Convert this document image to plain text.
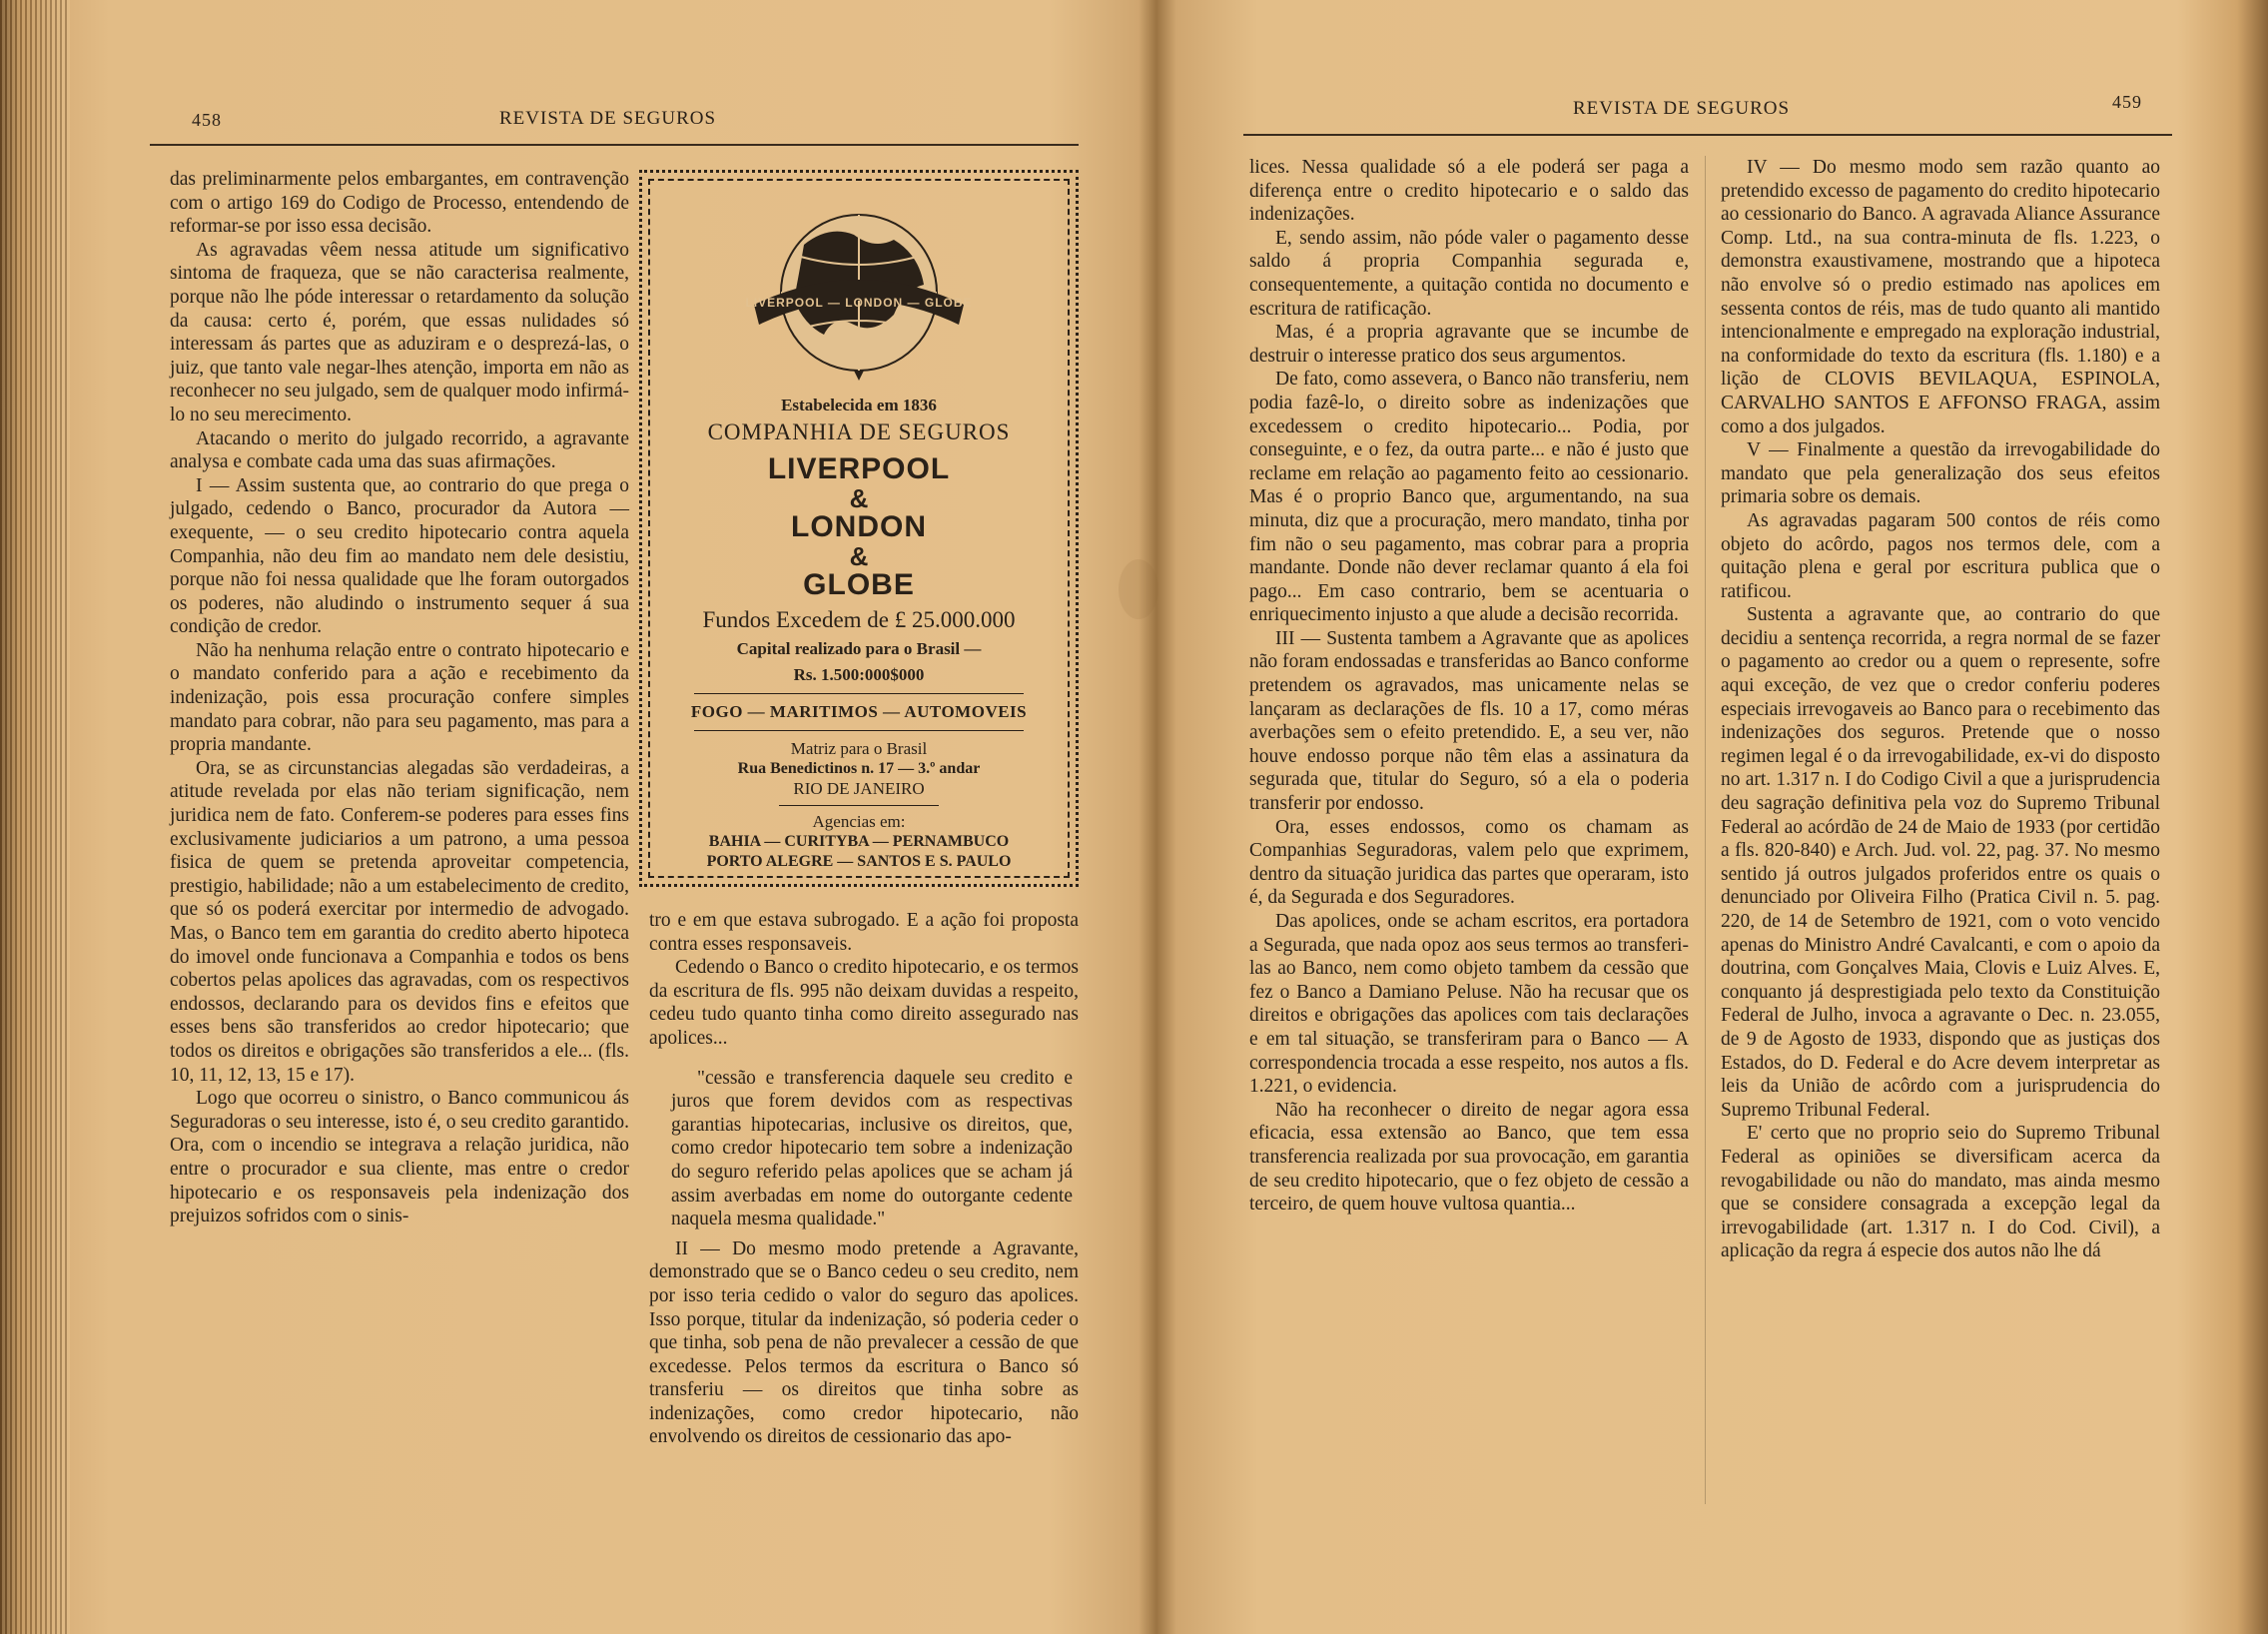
458	REVISTA DE SEGUROS

das preliminarmente pelos embargantes, em contravenção com o artigo 169 do Codigo de Processo, entendendo de reformar-se por isso essa decisão.

As agravadas vêem nessa atitude um significativo sintoma de fraqueza, que se não caracterisa realmente, porque não lhe póde interessar o retardamento da solução da causa: certo é, porém, que essas nulidades só interessam ás partes que as aduziram e o desprezá-las, o juiz, que tanto vale negar-lhes atenção, importa em não as reconhecer no seu julgado, sem de qualquer modo infirmá-lo no seu merecimento.

Atacando o merito do julgado recorrido, a agravante analysa e combate cada uma das suas afirmações.

I — Assim sustenta que, ao contrario do que prega o julgado, cedendo o Banco, procurador da Autora — exequente, — o seu credito hipotecario contra aquela Companhia, não deu fim ao mandato nem dele desistiu, porque não foi nessa qualidade que lhe foram outorgados os poderes, não aludindo o instrumento sequer á sua condição de credor.

Não ha nenhuma relação entre o contrato hipotecario e o mandato conferido para a ação e recebimento da indenização, pois essa procuração confere simples mandato para cobrar, não para seu pagamento, mas para a propria mandante.

Ora, se as circunstancias alegadas são verdadeiras, a atitude revelada por elas não teriam significação, nem juridica nem de fato. Conferem-se poderes para esses fins exclusivamente judiciarios a um patrono, a uma pessoa fisica de quem se pretenda aproveitar competencia, prestigio, habilidade; não a um estabelecimento de credito, que só os poderá exercitar por intermedio de advogado. Mas, o Banco tem em garantia do credito aberto hipoteca do imovel onde funcionava a Companhia e todos os bens cobertos pelas apolices das agravadas, com os respectivos endossos, declarando para os devidos fins e efeitos que esses bens são transferidos ao credor hipotecario; que todos os direitos e obrigações são transferidos a ele... (fls. 10, 11, 12, 13, 15 e 17).

Logo que ocorreu o sinistro, o Banco communicou ás Seguradoras o seu interesse, isto é, o seu credito garantido. Ora, com o incendio se integrava a relação juridica, não entre o procurador e sua cliente, mas entre o credor hipotecario e os responsaveis pela indenização dos prejuizos sofridos com o sinis-

LIVERPOOL — LONDON — GLOBE
Estabelecida em 1836
COMPANHIA DE SEGUROS
LIVERPOOL
&
LONDON
&
GLOBE
Fundos Excedem de £ 25.000.000
Capital realizado para o Brasil —
Rs. 1.500:000$000
FOGO — MARITIMOS — AUTOMOVEIS
Matriz para o Brasil
Rua Benedictinos n. 17 — 3.º andar
RIO DE JANEIRO
Agencias em:
BAHIA — CURITYBA — PERNAMBUCO
PORTO ALEGRE — SANTOS E S. PAULO

tro e em que estava subrogado. E a ação foi proposta contra esses responsaveis.

Cedendo o Banco o credito hipotecario, e os termos da escritura de fls. 995 não deixam duvidas a respeito, cedeu tudo quanto tinha como direito assegurado nas apolices...

"cessão e transferencia daquele seu credito e juros que forem devidos com as respectivas garantias hipotecarias, inclusive os direitos, que, como credor hipotecario tem sobre a indenização do seguro referido pelas apolices que se acham já assim averbadas em nome do outorgante cedente naquela mesma qualidade."

II — Do mesmo modo pretende a Agravante, demonstrado que se o Banco cedeu o seu credito, nem por isso teria cedido o valor do seguro das apolices. Isso porque, titular da indenização, só poderia ceder o que tinha, sob pena de não prevalecer a cessão de que excedesse. Pelos termos da escritura o Banco só transferiu — os direitos que tinha sobre as indenizações, como credor hipotecario, não envolvendo os direitos de cessionario das apo-

REVISTA DE SEGUROS	459

lices. Nessa qualidade só a ele poderá ser paga a diferença entre o credito hipotecario e o saldo das indenizações.

E, sendo assim, não póde valer o pagamento desse saldo á propria Companhia segurada e, consequentemente, a quitação contida no documento e escritura de ratificação.

Mas, é a propria agravante que se incumbe de destruir o interesse pratico dos seus argumentos.

De fato, como assevera, o Banco não transferiu, nem podia fazê-lo, o direito sobre as indenizações que excedessem o credito hipotecario... Podia, por conseguinte, e o fez, da outra parte... e não é justo que reclame em relação ao pagamento feito ao cessionario. Mas é o proprio Banco que, argumentando, na sua minuta, diz que a procuração, mero mandato, tinha por fim não o seu pagamento, mas cobrar para a propria mandante. Donde não dever reclamar quanto á ela foi pago... Em caso contrario, bem se acentuaria o enriquecimento injusto a que alude a decisão recorrida.

III — Sustenta tambem a Agravante que as apolices não foram endossadas e transferidas ao Banco conforme pretendem os agravados, mas unicamente nelas se lançaram as declarações de fls. 10 a 17, como méras averbações sem o efeito pretendido. E, a seu ver, não houve endosso porque não têm elas a assinatura da segurada que, titular do Seguro, só a ela o poderia transferir por endosso.

Ora, esses endossos, como os chamam as Companhias Seguradoras, valem pelo que exprimem, dentro da situação juridica das partes que operaram, isto é, da Segurada e dos Seguradores.

Das apolices, onde se acham escritos, era portadora a Segurada, que nada opoz aos seus termos ao transferi-las ao Banco, nem como objeto tambem da cessão que fez o Banco a Damiano Peluse. Não ha recusar que os direitos e obrigações das apolices com tais declarações e em tal situação, se transferiram para o Banco — A correspondencia trocada a esse respeito, nos autos a fls. 1.221, o evidencia.

Não ha reconhecer o direito de negar agora essa eficacia, essa extensão ao Banco, que tem essa transferencia realizada por sua provocação, em garantia de seu credito hipotecario, que o fez objeto de cessão a terceiro, de quem houve vultosa quantia...

IV — Do mesmo modo sem razão quanto ao pretendido excesso de pagamento do credito hipotecario ao cessionario do Banco. A agravada Aliance Assurance Comp. Ltd., na sua contra-minuta de fls. 1.223, o demonstra exaustivamene, mostrando que a hipoteca não envolve só o predio estimado nas apolices em sessenta contos de réis, mas de tudo quanto ali mantido intencionalmente e empregado na exploração industrial, na conformidade do texto da escritura (fls. 1.180) e a lição de CLOVIS BEVILAQUA, ESPINOLA, CARVALHO SANTOS E AFFONSO FRAGA, assim como a dos julgados.

V — Finalmente a questão da irrevogabilidade do mandato que pela generalização dos seus efeitos primaria sobre os demais.

As agravadas pagaram 500 contos de réis como objeto do acôrdo, pagos nos termos dele, com a quitação plena e geral por escritura publica que o ratificou.

Sustenta a agravante que, ao contrario do que decidiu a sentença recorrida, a regra normal de se fazer o pagamento ao credor ou a quem o represente, sofre aqui exceção, de vez que o credor conferiu poderes especiais irrevogaveis ao Banco para o recebimento das indenizações dos seguros. Pretende que o nosso regimen legal é o da irrevogabilidade, ex-vi do disposto no art. 1.317 n. I do Codigo Civil a que a jurisprudencia deu sagração definitiva pela voz do Supremo Tribunal Federal ao acórdão de 24 de Maio de 1933 (por certidão a fls. 820-840) e Arch. Jud. vol. 22, pag. 37. No mesmo sentido já outros julgados proferidos entre os quais o denunciado por Oliveira Filho (Pratica Civil n. 5. pag. 220, de 14 de Setembro de 1921, com o voto vencido apenas do Ministro André Cavalcanti, e com o apoio da doutrina, com Gonçalves Maia, Clovis e Luiz Alves. E, conquanto já desprestigiada pelo texto da Constituição Federal de Julho, invoca a agravante o Dec. n. 23.055, de 9 de Agosto de 1933, dispondo que as justiças dos Estados, do D. Federal e do Acre devem interpretar as leis da União de acôrdo com a jurisprudencia do Supremo Tribunal Federal.

E' certo que no proprio seio do Supremo Tribunal Federal as opiniões se diversificam acerca da revogabilidade ou não do mandato, mas ainda mesmo que se considere consagrada a excepção legal da irrevogabilidade (art. 1.317 n. I do Cod. Civil), a aplicação da regra á especie dos autos não lhe dá
